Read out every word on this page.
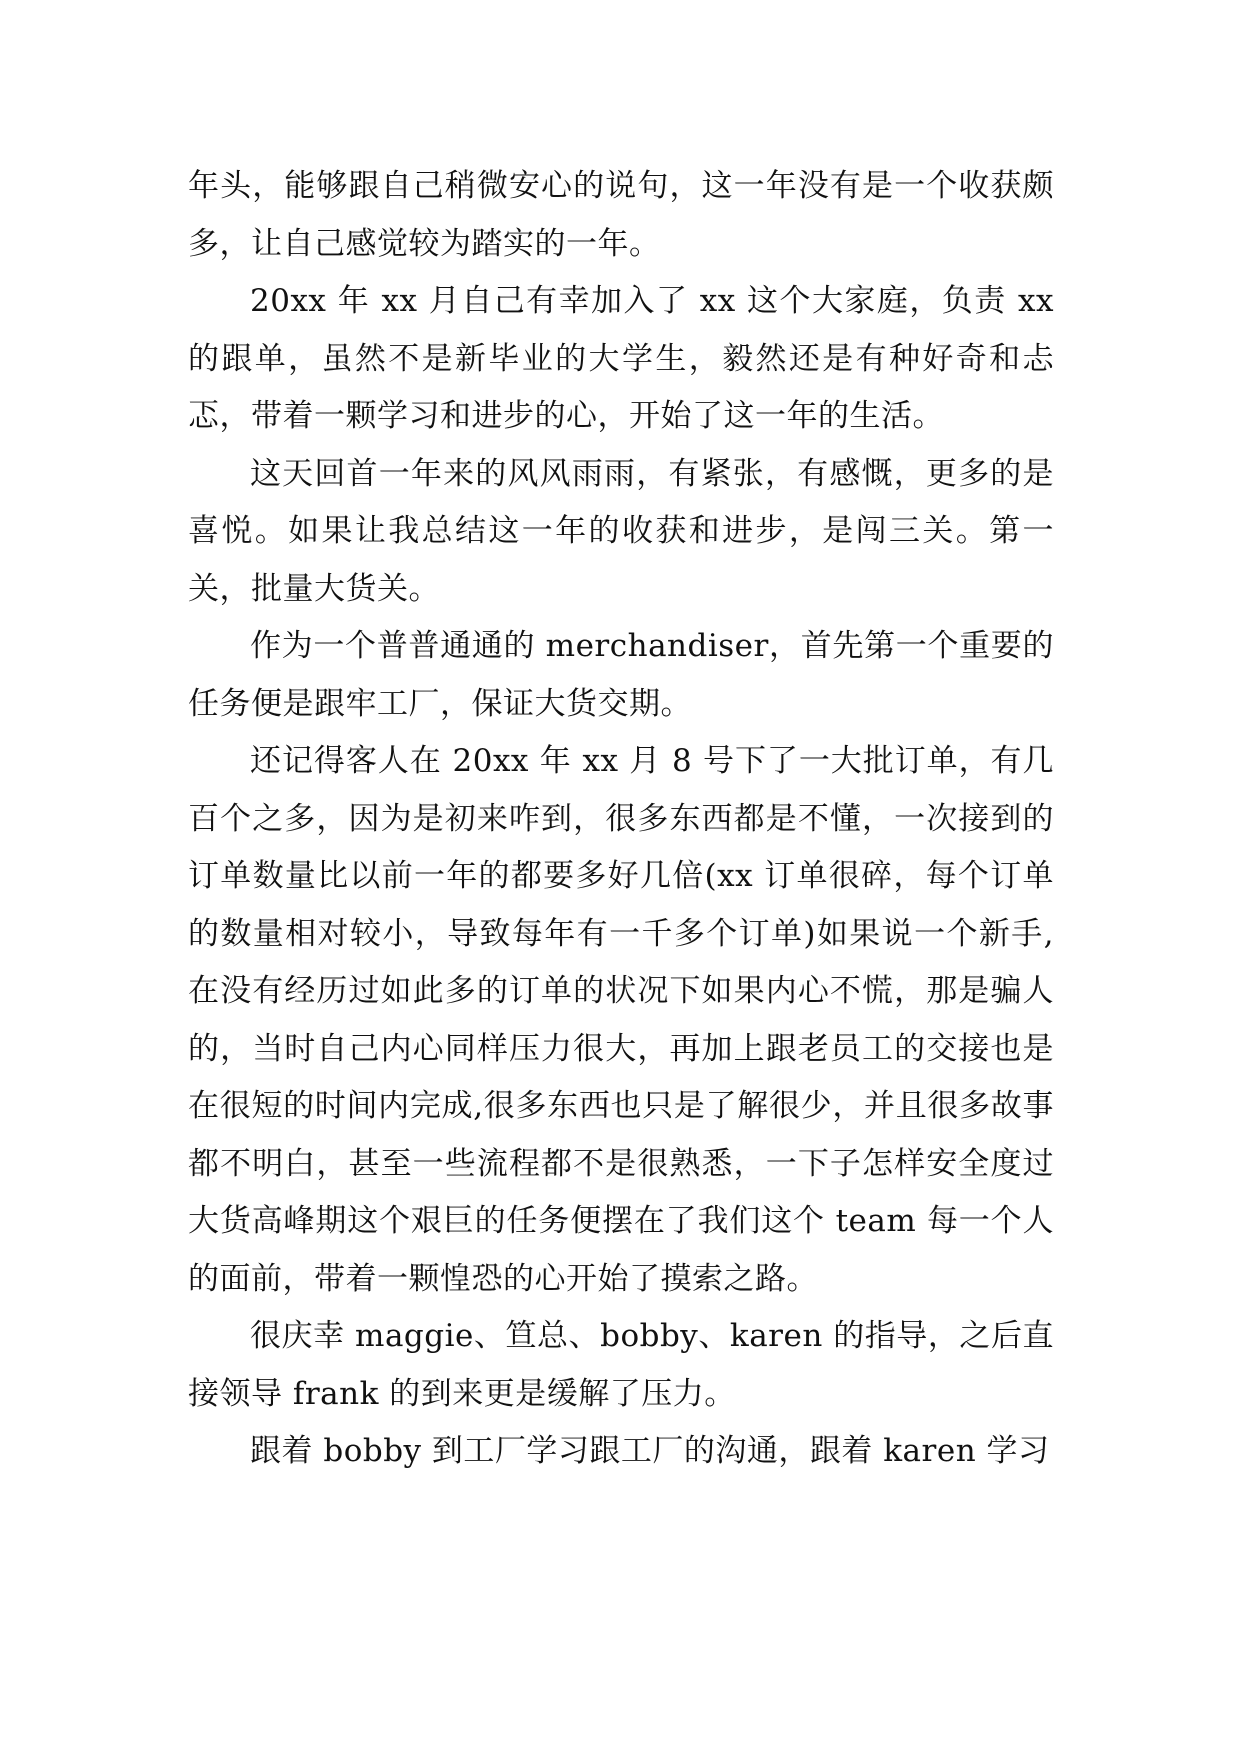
年头，能够跟自己稍微安心的说句，这一年没有是一个收获颇多，让自己感觉较为踏实的一年。

20xx 年 xx 月自己有幸加入了 xx 这个大家庭，负责 xx 的跟单，虽然不是新毕业的大学生，毅然还是有种好奇和忐忑，带着一颗学习和进步的心，开始了这一年的生活。

这天回首一年来的风风雨雨，有紧张，有感慨，更多的是喜悦。如果让我总结这一年的收获和进步，是闯三关。第一关，批量大货关。

作为一个普普通通的 merchandiser，首先第一个重要的任务便是跟牢工厂，保证大货交期。

还记得客人在 20xx 年 xx 月 8 号下了一大批订单，有几百个之多，因为是初来咋到，很多东西都是不懂，一次接到的订单数量比以前一年的都要多好几倍(xx 订单很碎，每个订单的数量相对较小，导致每年有一千多个订单)如果说一个新手,在没有经历过如此多的订单的状况下如果内心不慌，那是骗人的，当时自己内心同样压力很大，再加上跟老员工的交接也是在很短的时间内完成,很多东西也只是了解很少，并且很多故事都不明白，甚至一些流程都不是很熟悉，一下子怎样安全度过大货高峰期这个艰巨的任务便摆在了我们这个 team 每一个人的面前，带着一颗惶恐的心开始了摸索之路。

很庆幸 maggie、笪总、bobby、karen 的指导，之后直接领导 frank 的到来更是缓解了压力。

跟着 bobby 到工厂学习跟工厂的沟通，跟着 karen 学习
